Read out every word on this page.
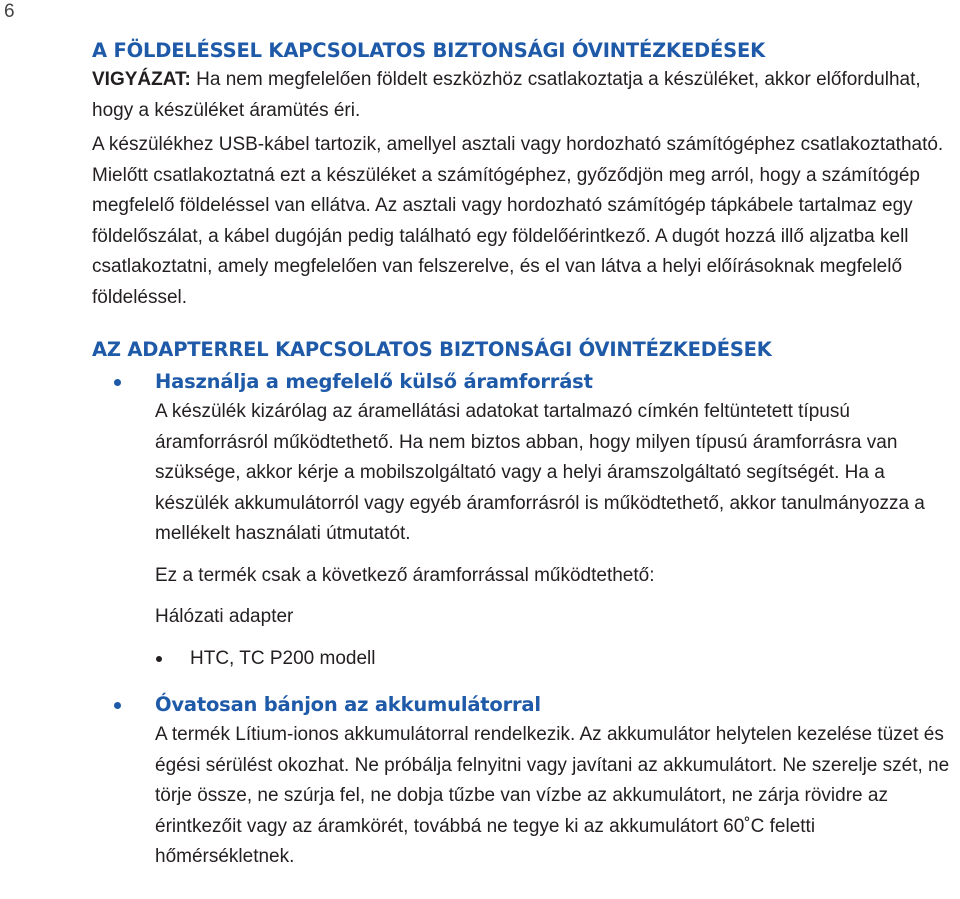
6
A FÖLDELÉSSEL KAPCSOLATOS BIZTONSÁGI ÓVINTÉZKEDÉSEK

VIGYÁZAT: Ha nem megfelelően földelt eszközhöz csatlakoztatja a készüléket, akkor előfordulhat, hogy a készüléket áramütés éri.

A készülékhez USB-kábel tartozik, amellyel asztali vagy hordozható számítógéphez csatlakoztatható. Mielőtt csatlakoztatná ezt a készüléket a számítógéphez, győződjön meg arról, hogy a számítógép megfelelő földeléssel van ellátva. Az asztali vagy hordozható számítógép tápkábele tartalmaz egy földelőszálat, a kábel dugóján pedig található egy földelőérintkező. A dugót hozzá illő aljzatba kell csatlakoztatni, amely megfelelően van felszerelve, és el van látva a helyi előírásoknak megfelelő földeléssel.

AZ ADAPTERREL KAPCSOLATOS BIZTONSÁGI ÓVINTÉZKEDÉSEK
Használja a megfelelő külső áramforrást

A készülék kizárólag az áramellátási adatokat tartalmazó címkén feltüntetett típusú áramforrásról működtethető. Ha nem biztos abban, hogy milyen típusú áramforrásra van szüksége, akkor kérje a mobilszolgáltató vagy a helyi áramszolgáltató segítségét. Ha a készülék akkumulátorról vagy egyéb áramforrásról is működtethető, akkor tanulmányozza a mellékelt használati útmutatót.

Ez a termék csak a következő áramforrással működtethető:

Hálózati adapter

HTC, TC P200 modell

Óvatosan bánjon az akkumulátorral

A termék Lítium-ionos akkumulátorral rendelkezik. Az akkumulátor helytelen kezelése tüzet és égési sérülést okozhat. Ne próbálja felnyitni vagy javítani az akkumulátort. Ne szerelje szét, ne törje össze, ne szúrja fel, ne dobja tűzbe van vízbe az akkumulátort, ne zárja rövidre az érintkezőit vagy az áramkörét, továbbá ne tegye ki az akkumulátort 60˚C feletti hőmérsékletnek.
